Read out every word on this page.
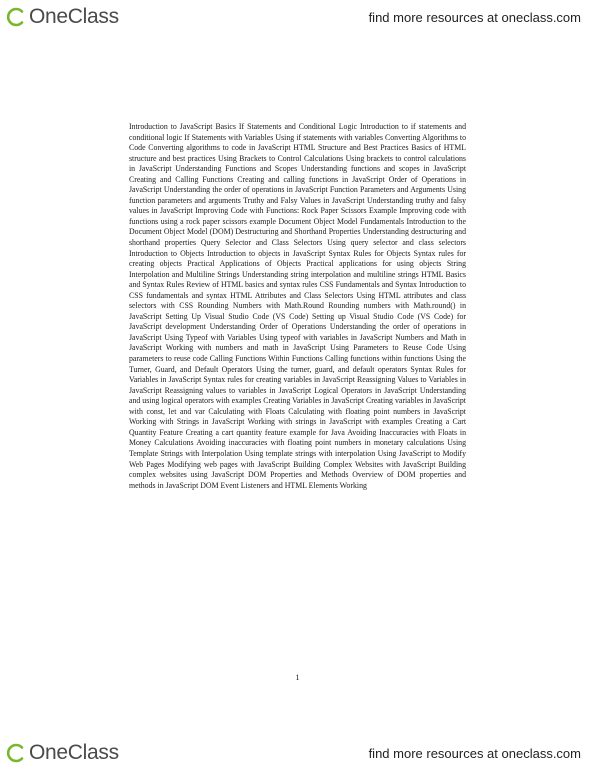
OneClass	find more resources at oneclass.com

Introduction to JavaScript Basics If Statements and Conditional Logic Introduction to if statements and conditional logic If Statements with Variables Using if statements with variables Converting Algorithms to Code Converting algorithms to code in JavaScript HTML Structure and Best Practices Basics of HTML structure and best practices Using Brackets to Control Calculations Using brackets to control calculations in JavaScript Understanding Functions and Scopes Understanding functions and scopes in JavaScript Creating and Calling Functions Creating and calling functions in JavaScript Order of Operations in JavaScript Understanding the order of operations in JavaScript Function Parameters and Arguments Using function parameters and arguments Truthy and Falsy Values in JavaScript Understanding truthy and falsy values in JavaScript Improving Code with Functions: Rock Paper Scissors Example Improving code with functions using a rock paper scissors example Document Object Model Fundamentals Introduction to the Document Object Model (DOM) Destructuring and Shorthand Properties Understanding destructuring and shorthand properties Query Selector and Class Selectors Using query selector and class selectors Introduction to Objects Introduction to objects in JavaScript Syntax Rules for Objects Syntax rules for creating objects Practical Applications of Objects Practical applications for using objects String Interpolation and Multiline Strings Understanding string interpolation and multiline strings HTML Basics and Syntax Rules Review of HTML basics and syntax rules CSS Fundamentals and Syntax Introduction to CSS fundamentals and syntax HTML Attributes and Class Selectors Using HTML attributes and class selectors with CSS Rounding Numbers with Math.Round Rounding numbers with Math.round() in JavaScript Setting Up Visual Studio Code (VS Code) Setting up Visual Studio Code (VS Code) for JavaScript development Understanding Order of Operations Understanding the order of operations in JavaScript Using Typeof with Variables Using typeof with variables in JavaScript Numbers and Math in JavaScript Working with numbers and math in JavaScript Using Parameters to Reuse Code Using parameters to reuse code Calling Functions Within Functions Calling functions within functions Using the Turner, Guard, and Default Operators Using the turner, guard, and default operators Syntax Rules for Variables in JavaScript Syntax rules for creating variables in JavaScript Reassigning Values to Variables in JavaScript Reassigning values to variables in JavaScript Logical Operators in JavaScript Understanding and using logical operators with examples Creating Variables in JavaScript Creating variables in JavaScript with const, let and var Calculating with Floats Calculating with floating point numbers in JavaScript Working with Strings in JavaScript Working with strings in JavaScript with examples Creating a Cart Quantity Feature Creating a cart quantity feature example for Java Avoiding Inaccuracies with Floats in Money Calculations Avoiding inaccuracies with floating point numbers in monetary calculations Using Template Strings with Interpolation Using template strings with interpolation Using JavaScript to Modify Web Pages Modifying web pages with JavaScript Building Complex Websites with JavaScript Building complex websites using JavaScript DOM Properties and Methods Overview of DOM properties and methods in JavaScript DOM Event Listeners and HTML Elements Working

1
OneClass	find more resources at oneclass.com
